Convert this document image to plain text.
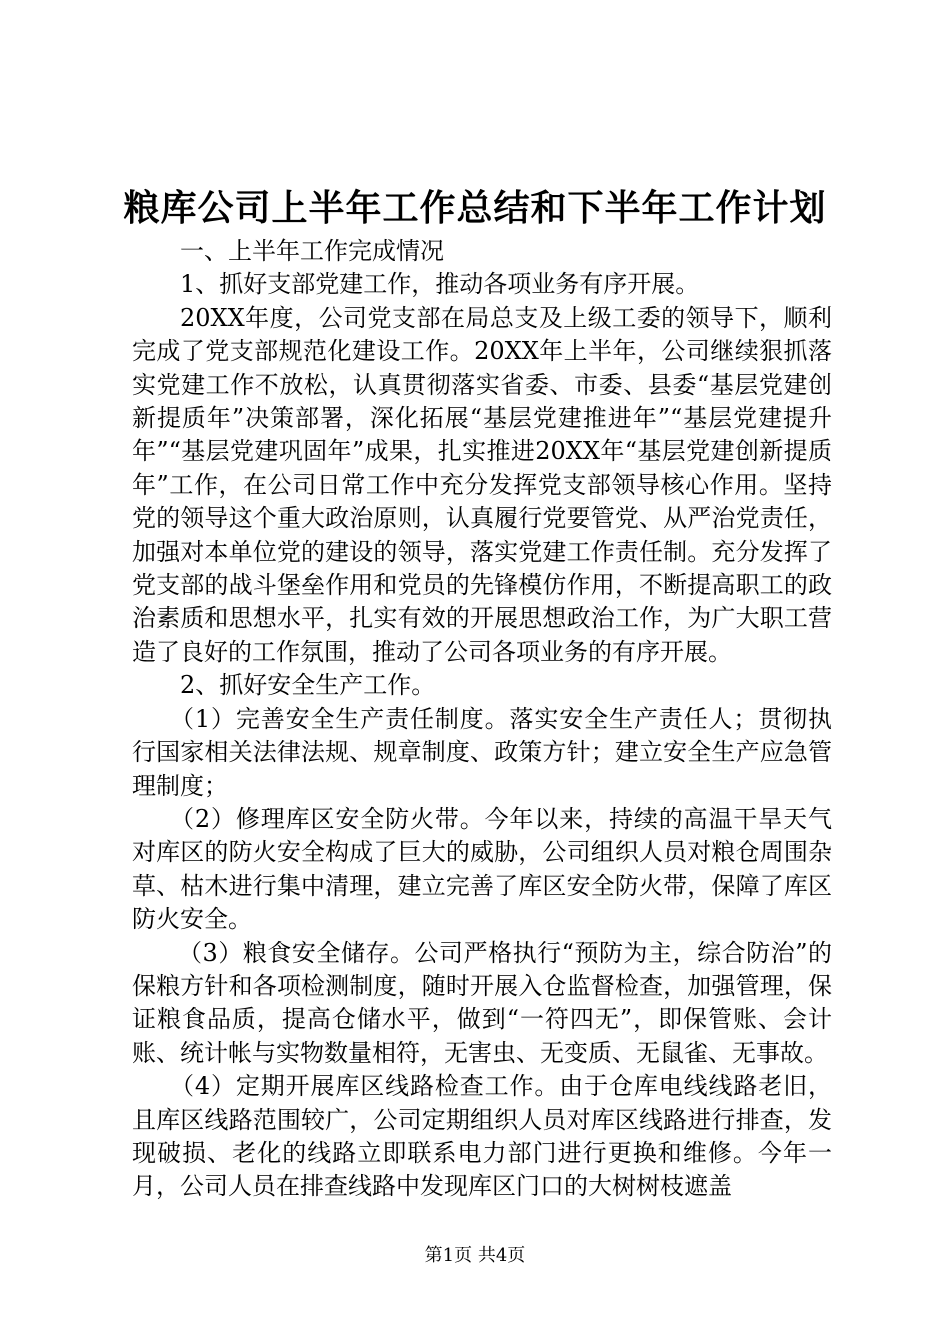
粮库公司上半年工作总结和下半年工作计划

一、上半年工作完成情况

1、抓好支部党建工作，推动各项业务有序开展。

20XX年度，公司党支部在局总支及上级工委的领导下，顺利完成了党支部规范化建设工作。20XX年上半年，公司继续狠抓落实党建工作不放松，认真贯彻落实省委、市委、县委“基层党建创新提质年”决策部署，深化拓展“基层党建推进年”“基层党建提升年”“基层党建巩固年”成果，扎实推进20XX年“基层党建创新提质年”工作，在公司日常工作中充分发挥党支部领导核心作用。坚持党的领导这个重大政治原则，认真履行党要管党、从严治党责任，加强对本单位党的建设的领导，落实党建工作责任制。充分发挥了党支部的战斗堡垒作用和党员的先锋模仿作用，不断提高职工的政治素质和思想水平，扎实有效的开展思想政治工作，为广大职工营造了良好的工作氛围，推动了公司各项业务的有序开展。

2、抓好安全生产工作。

（1）完善安全生产责任制度。落实安全生产责任人；贯彻执行国家相关法律法规、规章制度、政策方针；建立安全生产应急管理制度；

（2）修理库区安全防火带。今年以来，持续的高温干旱天气对库区的防火安全构成了巨大的威胁，公司组织人员对粮仓周围杂草、枯木进行集中清理，建立完善了库区安全防火带，保障了库区防火安全。

（3）粮食安全储存。公司严格执行“预防为主，综合防治”的保粮方针和各项检测制度，随时开展入仓监督检查，加强管理，保证粮食品质，提高仓储水平，做到“一符四无”，即保管账、会计账、统计帐与实物数量相符，无害虫、无变质、无鼠雀、无事故。

（4）定期开展库区线路检查工作。由于仓库电线线路老旧，且库区线路范围较广，公司定期组织人员对库区线路进行排查，发现破损、老化的线路立即联系电力部门进行更换和维修。今年一月，公司人员在排查线路中发现库区门口的大树树枝遮盖

第1页 共4页
